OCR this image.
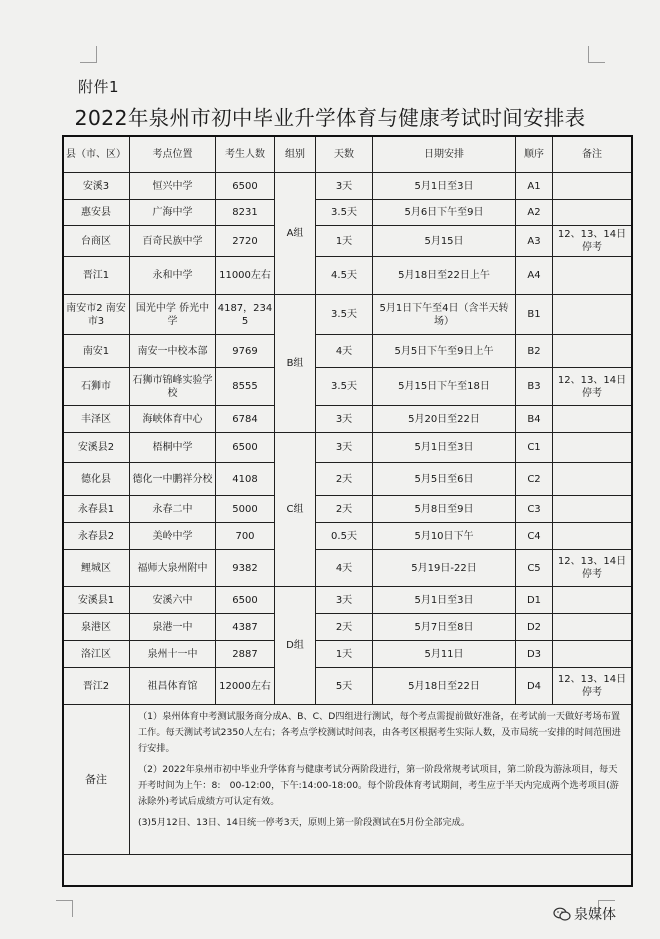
附件1
2022年泉州市初中毕业升学体育与健康考试时间安排表
县（市、区）	考点位置	考生人数	组别	天数	日期安排	顺序	备注
安溪3	恒兴中学	6500	A组	3天	5月1日至3日	A1	
惠安县	广海中学	8231		3.5天	5月6日下午至9日	A2	
台商区	百奇民族中学	2720		1天	5月15日	A3	12、13、14日停考
晋江1	永和中学	11000左右		4.5天	5月18日至22日上午	A4	
南安市2 南安市3	国光中学 侨光中学	4187，2345	B组	3.5天	5月1日下午至4日（含半天转场）	B1	
南安1	南安一中校本部	9769		4天	5月5日下午至9日上午	B2	
石狮市	石狮市锦峰实验学校	8555		3.5天	5月15日下午至18日	B3	12、13、14日停考
丰泽区	海峡体育中心	6784		3天	5月20日至22日	B4	
安溪县2	梧桐中学	6500	C组	3天	5月1日至3日	C1	
德化县	德化一中鹏祥分校	4108		2天	5月5日至6日	C2	
永春县1	永春二中	5000		2天	5月8日至9日	C3	
永春县2	美岭中学	700		0.5天	5月10日下午	C4	
鲤城区	福师大泉州附中	9382		4天	5月19日-22日	C5	12、13、14日停考
安溪县1	安溪六中	6500	D组	3天	5月1日至3日	D1	
泉港区	泉港一中	4387		2天	5月7日至8日	D2	
洛江区	泉州十一中	2887		1天	5月11日	D3	
晋江2	祖昌体育馆	12000左右		5天	5月18日至22日	D4	12、13、14日停考
备注	（1）泉州体育中考测试服务商分成A、B、C、D四组进行测试，每个考点需提前做好准备，在考试前一天做好考场布置工作。每天测试考试2350人左右；各考点学校测试时间表，由各考区根据考生实际人数，及市局统一安排的时间范围进行安排。

（2）2022年泉州市初中毕业升学体育与健康考试分两阶段进行，第一阶段常规考试项目，第二阶段为游泳项目，每天开考时间为上午：8:　00-12:00，下午:14:00-18:00。每个阶段体育考试期间，考生应于半天内完成两个选考项目(游泳除外)考试后成绩方可认定有效。

(3)5月12日、13日、14日统一停考3天，原则上第一阶段测试在5月份全部完成。						

泉媒体
